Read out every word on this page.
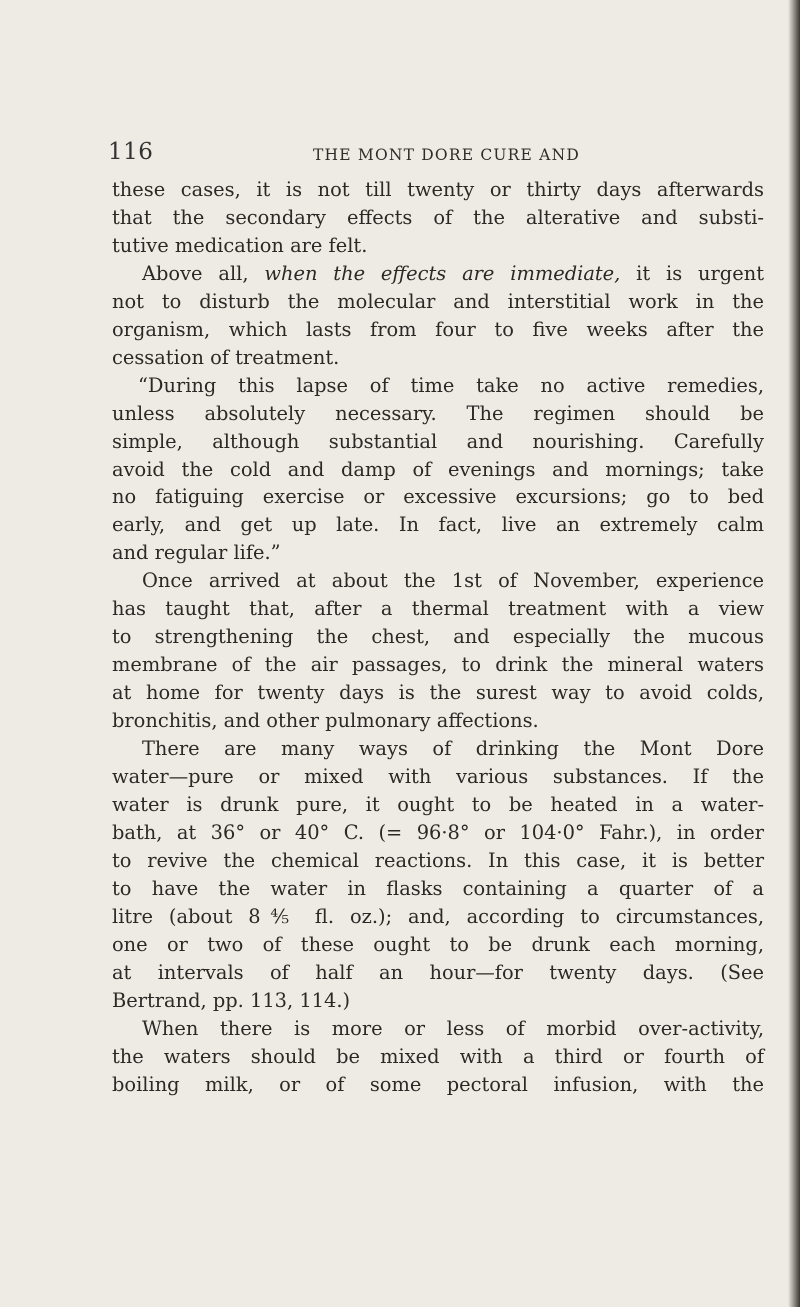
116	THE MONT DORE CURE AND
these cases, it is not till twenty or thirty days afterwards
that the secondary effects of the alterative and substi-
tutive medication are felt.
Above all, when the effects are immediate, it is urgent
not to disturb the molecular and interstitial work in the
organism, which lasts from four to five weeks after the
cessation of treatment.
“During this lapse of time take no active remedies,
unless absolutely necessary. The regimen should be
simple, although substantial and nourishing. Carefully
avoid the cold and damp of evenings and mornings; take
no fatiguing exercise or excessive excursions; go to bed
early, and get up late. In fact, live an extremely calm
and regular life.”
Once arrived at about the 1st of November, experience
has taught that, after a thermal treatment with a view
to strengthening the chest, and especially the mucous
membrane of the air passages, to drink the mineral waters
at home for twenty days is the surest way to avoid colds,
bronchitis, and other pulmonary affections.
There are many ways of drinking the Mont Dore
water—pure or mixed with various substances. If the
water is drunk pure, it ought to be heated in a water-
bath, at 36° or 40° C. (= 96·8° or 104·0° Fahr.), in order
to revive the chemical reactions. In this case, it is better
to have the water in flasks containing a quarter of a
litre (about 8⅘ fl. oz.); and, according to circumstances,
one or two of these ought to be drunk each morning,
at intervals of half an hour—for twenty days. (See
Bertrand, pp. 113, 114.)
When there is more or less of morbid over-activity,
the waters should be mixed with a third or fourth of
boiling milk, or of some pectoral infusion, with the
